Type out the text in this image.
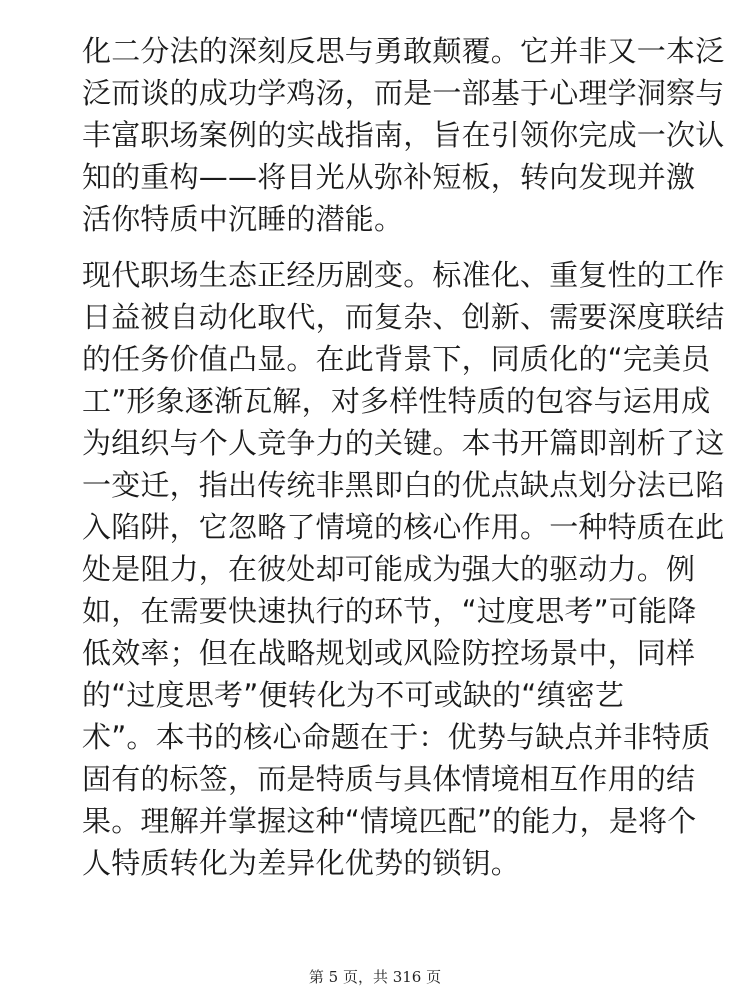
化二分法的深刻反思与勇敢颠覆。它并非又一本泛
泛而谈的成功学鸡汤，而是一部基于心理学洞察与
丰富职场案例的实战指南，旨在引领你完成一次认
知的重构——将目光从弥补短板，转向发现并激
活你特质中沉睡的潜能。

现代职场生态正经历剧变。标准化、重复性的工作
日益被自动化取代，而复杂、创新、需要深度联结
的任务价值凸显。在此背景下，同质化的“完美员
工”形象逐渐瓦解，对多样性特质的包容与运用成
为组织与个人竞争力的关键。本书开篇即剖析了这
一变迁，指出传统非黑即白的优点缺点划分法已陷
入陷阱，它忽略了情境的核心作用。一种特质在此
处是阻力，在彼处却可能成为强大的驱动力。例
如，在需要快速执行的环节，“过度思考”可能降
低效率；但在战略规划或风险防控场景中，同样
的“过度思考”便转化为不可或缺的“缜密艺
术”。本书的核心命题在于：优势与缺点并非特质
固有的标签，而是特质与具体情境相互作用的结
果。理解并掌握这种“情境匹配”的能力，是将个
人特质转化为差异化优势的锁钥。

第 5 页，共 316 页
